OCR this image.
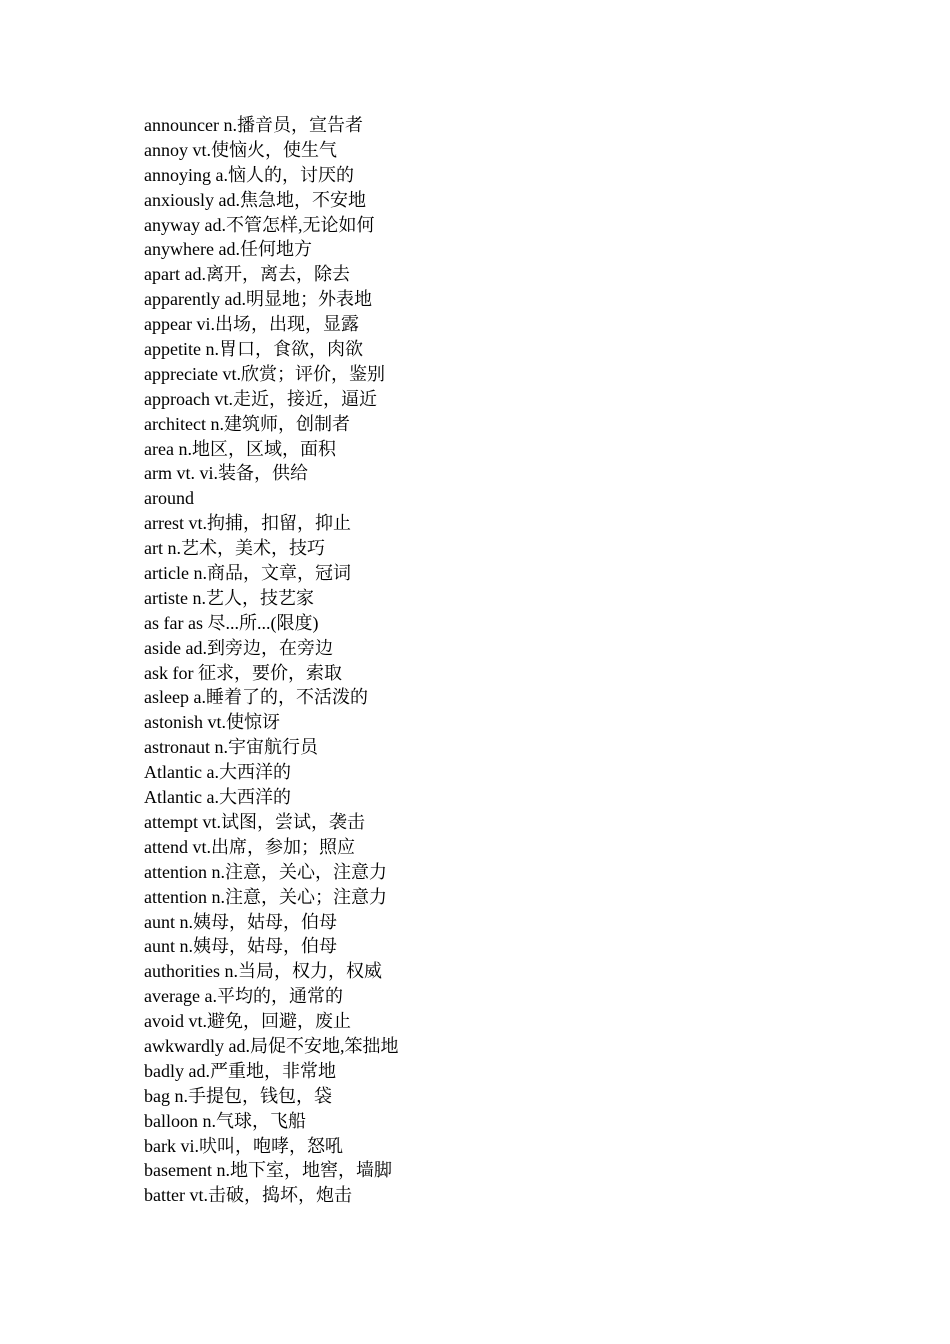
announcer n.播音员，宣告者
annoy vt.使恼火，使生气
annoying a.恼人的，讨厌的
anxiously ad.焦急地，不安地
anyway ad.不管怎样,无论如何
anywhere ad.任何地方
apart ad.离开，离去，除去
apparently ad.明显地；外表地
appear vi.出场，出现，显露
appetite n.胃口，食欲，肉欲
appreciate vt.欣赏；评价，鉴别
approach vt.走近，接近，逼近
architect n.建筑师，创制者
area n.地区，区域，面积
arm vt. vi.装备，供给
around
arrest vt.拘捕，扣留，抑止
art n.艺术，美术，技巧
article n.商品，文章，冠词
artiste n.艺人，技艺家
as far as 尽...所...(限度)
aside ad.到旁边，在旁边
ask for 征求，要价，索取
asleep a.睡着了的，不活泼的
astonish vt.使惊讶
astronaut n.宇宙航行员
Atlantic a.大西洋的
Atlantic a.大西洋的
attempt vt.试图，尝试，袭击
attend vt.出席，参加；照应
attention n.注意，关心，注意力
attention n.注意，关心；注意力
aunt n.姨母，姑母，伯母
aunt n.姨母，姑母，伯母
authorities n.当局，权力，权威
average a.平均的，通常的
avoid vt.避免，回避，废止
awkwardly ad.局促不安地,笨拙地
badly ad.严重地，非常地
bag n.手提包，钱包，袋
balloon n.气球，飞船
bark vi.吠叫，咆哮，怒吼
basement n.地下室，地窖，墙脚
batter vt.击破，捣坏，炮击
